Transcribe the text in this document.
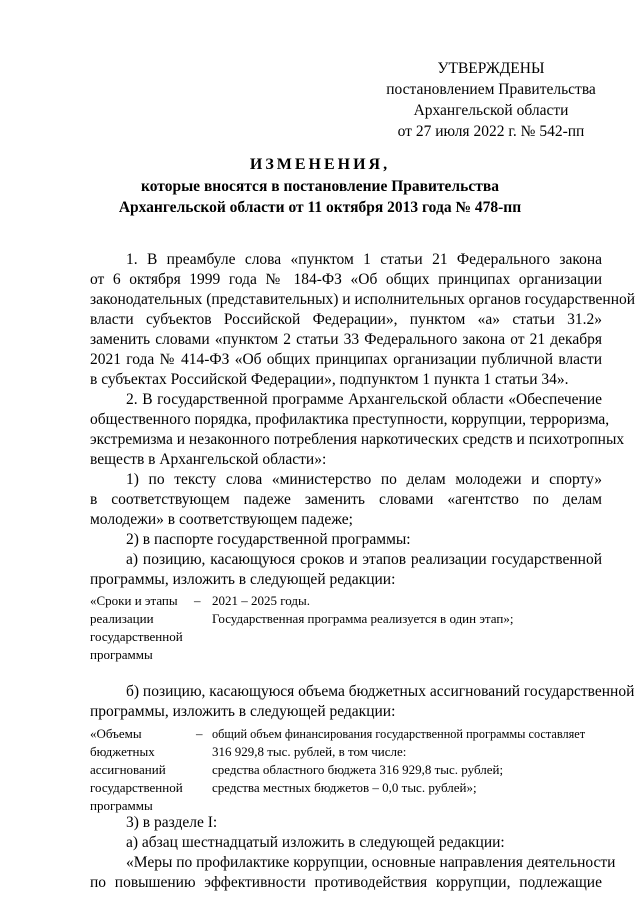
УТВЕРЖДЕНЫ
постановлением Правительства
Архангельской области
от 27 июля 2022 г. № 542-пп
ИЗМЕНЕНИЯ,
которые вносятся в постановление Правительства
Архангельской области от 11 октября 2013 года № 478-пп
1. В преамбуле слова «пунктом 1 статьи 21 Федерального закона
от 6 октября 1999 года № 184-ФЗ «Об общих принципах организации
законодательных (представительных) и исполнительных органов государственной
власти субъектов Российской Федерации», пунктом «а» статьи 31.2»
заменить словами «пунктом 2 статьи 33 Федерального закона от 21 декабря
2021 года № 414-ФЗ «Об общих принципах организации публичной власти
в субъектах Российской Федерации», подпунктом 1 пункта 1 статьи 34».
2. В государственной программе Архангельской области «Обеспечение
общественного порядка, профилактика преступности, коррупции, терроризма,
экстремизма и незаконного потребления наркотических средств и психотропных
веществ в Архангельской области»:
1) по тексту слова «министерство по делам молодежи и спорту»
в соответствующем падеже заменить словами «агентство по делам
молодежи» в соответствующем падеже;
2) в паспорте государственной программы:
а) позицию, касающуюся сроков и этапов реализации государственной
программы, изложить в следующей редакции:
«Сроки и этапы
реализации
государственной
программы
– 2021 – 2025 годы.
Государственная программа реализуется в один этап»;
б) позицию, касающуюся объема бюджетных ассигнований государственной
программы, изложить в следующей редакции:
«Объемы
бюджетных
ассигнований
государственной
программы
– общий объем финансирования государственной программы составляет
316 929,8 тыс. рублей, в том числе:
средства областного бюджета 316 929,8 тыс. рублей;
средства местных бюджетов – 0,0 тыс. рублей»;
3) в разделе I:
а) абзац шестнадцатый изложить в следующей редакции:
«Меры по профилактике коррупции, основные направления деятельности
по повышению эффективности противодействия коррупции, подлежащие
